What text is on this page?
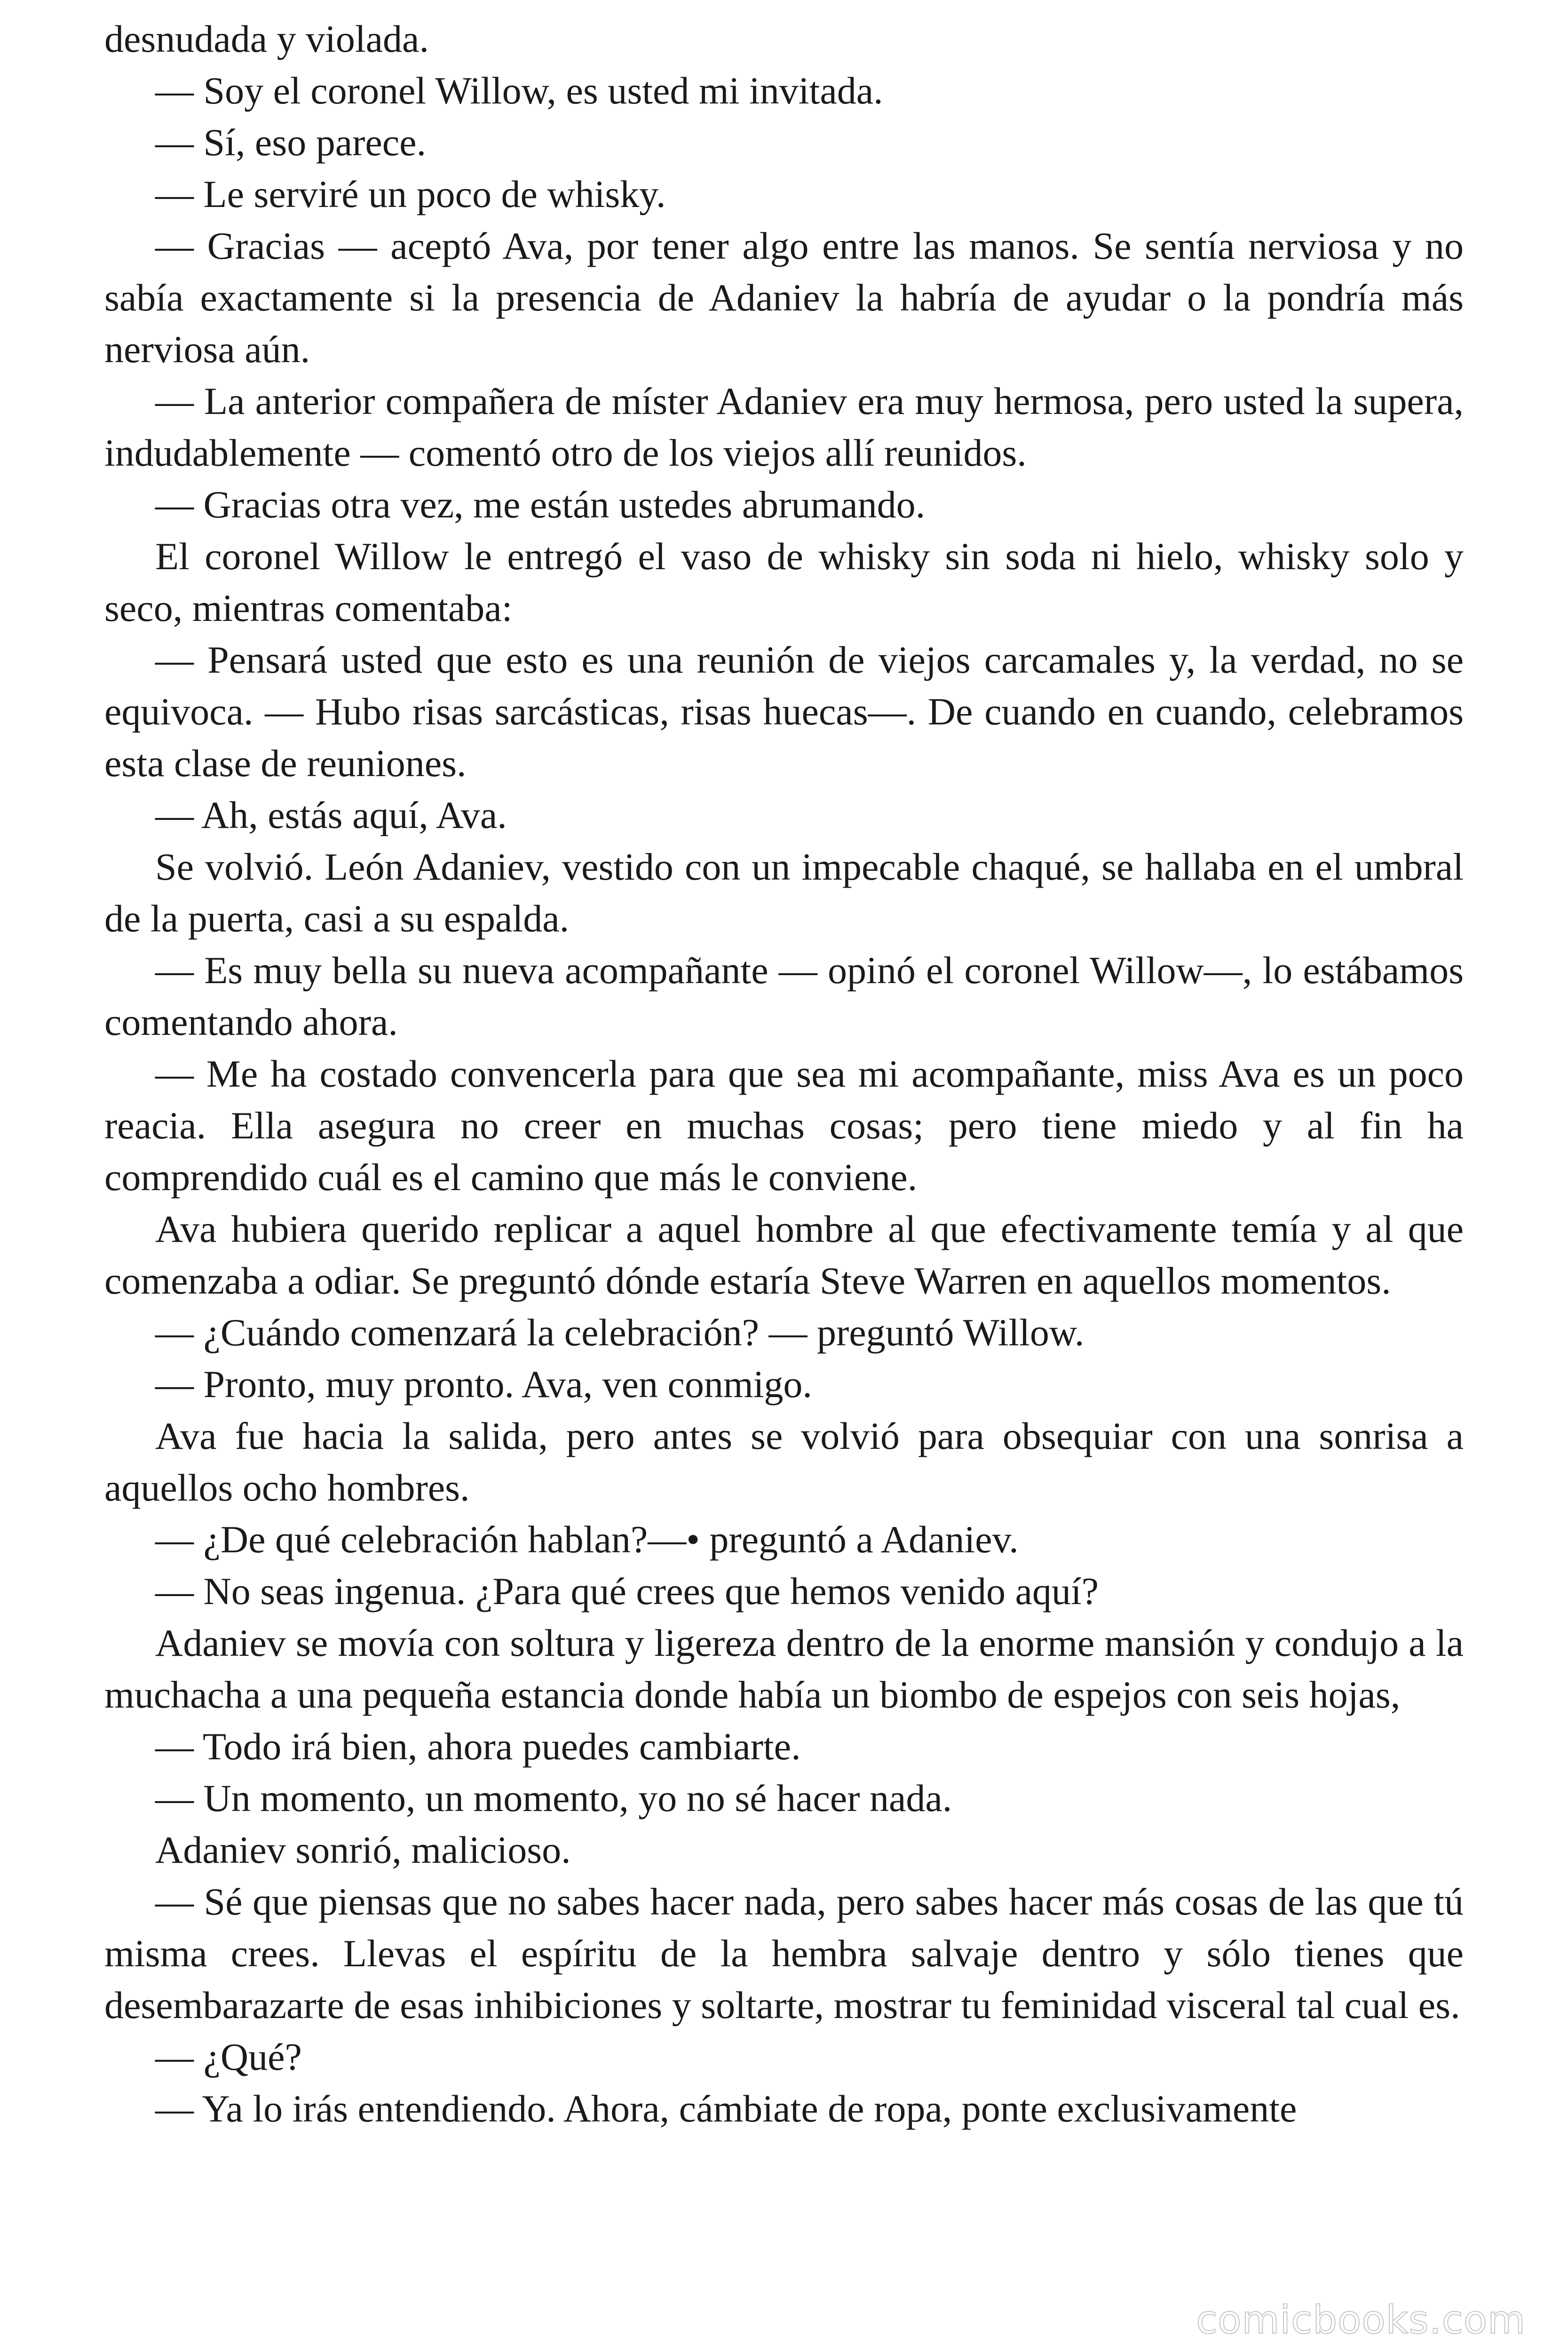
desnudada y violada.

— Soy el coronel Willow, es usted mi invitada.

— Sí, eso parece.

— Le serviré un poco de whisky.

— Gracias — aceptó Ava, por tener algo entre las manos. Se sentía nerviosa y no sabía exactamente si la presencia de Adaniev la habría de ayudar o la pondría más nerviosa aún.

— La anterior compañera de míster Adaniev era muy hermosa, pero usted la supera, indudablemente — comentó otro de los viejos allí reunidos.

— Gracias otra vez, me están ustedes abrumando.

El coronel Willow le entregó el vaso de whisky sin soda ni hielo, whisky solo y seco, mientras comentaba:

— Pensará usted que esto es una reunión de viejos carcamales y, la verdad, no se equivoca. — Hubo risas sarcásticas, risas huecas—. De cuando en cuando, celebramos esta clase de reuniones.

— Ah, estás aquí, Ava.

Se volvió. León Adaniev, vestido con un impecable chaqué, se hallaba en el umbral de la puerta, casi a su espalda.

— Es muy bella su nueva acompañante — opinó el coronel Willow—, lo estábamos comentando ahora.

— Me ha costado convencerla para que sea mi acompañante, miss Ava es un poco reacia. Ella asegura no creer en muchas cosas; pero tiene miedo y al fin ha comprendido cuál es el camino que más le conviene.

Ava hubiera querido replicar a aquel hombre al que efectivamente temía y al que comenzaba a odiar. Se preguntó dónde estaría Steve Warren en aquellos momentos.

— ¿Cuándo comenzará la celebración? — preguntó Willow.

— Pronto, muy pronto. Ava, ven conmigo.

Ava fue hacia la salida, pero antes se volvió para obsequiar con una sonrisa a aquellos ocho hombres.

— ¿De qué celebración hablan?—• preguntó a Adaniev.

— No seas ingenua. ¿Para qué crees que hemos venido aquí?

Adaniev se movía con soltura y ligereza dentro de la enorme mansión y condujo a la muchacha a una pequeña estancia donde había un biombo de espejos con seis hojas,

— Todo irá bien, ahora puedes cambiarte.

— Un momento, un momento, yo no sé hacer nada.

Adaniev sonrió, malicioso.

— Sé que piensas que no sabes hacer nada, pero sabes hacer más cosas de las que tú misma crees. Llevas el espíritu de la hembra salvaje dentro y sólo tienes que desembarazarte de esas inhibiciones y soltarte, mostrar tu feminidad visceral tal cual es.

— ¿Qué?

— Ya lo irás entendiendo. Ahora, cámbiate de ropa, ponte exclusivamente

comicbooks.com
